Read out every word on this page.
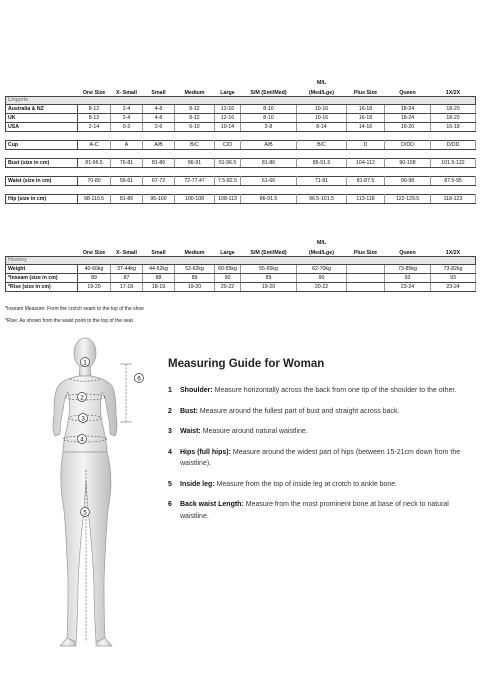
							M/L			
	One Size	X- Small	Small	Medium	Large	S/M (Sml/Med)	(Med/Lge)	Plus Size	Queen	1X/2X
Lingerie										
Australia & NZ	8-12	2-4	4-8	8-12	12-16	8-10	10-16	16-18	18-24	18-20
UK	8-12	2-4	4-8	8-12	12-16	8-10	10-16	16-18	18-24	18-20
USA	2-14	0-2	2-6	6-10	10-14	2-8	8-14	14-16	16-20	16-18

Cup	A-C	A	A/B	B/C	C/D	A/B	B/C	D	D/DD	D/DD

Bust (size in cm)	81-96.5	76-81	81-86	86-91	91-96.5	81-86	86-91.5	104-112	90-108	101.5-122

Waist (size in cm)	70-80	56-61	67-72	72-77.47	7.5-82.5	61-66	71-81	81-87.5	90-98	87.5-95

Hip (size in cm)	98-110.5	81-86	95-100	100-108	108-113	86-91.5	96.5-101.5	113-118	122-129.5	118-123
							M/L			
	One Size	X- Small	Small	Medium	Large	S/M (Sml/Med)	(Med/Lge)	Plus Size	Queen	1X/2X
Hosiery										
Weight	40-60kg	37-44kg	44-52kg	52-62kg	60-55kg	55-65kg	62-70kg		73-85kg	73-82kg
*Inseam (size in cm)	89	87	88	89	90	89	90		93	93
*Rise (size in cm)	19-20	17-18	18-19	19-20	20-22	19-20	20-22		23-24	23-24
*Inseam Measure: From the crotch seam to the top of the shoe
*Rise: As shown from the waist point to the top of the seat
1
2
3
4
5
6
Measuring Guide for Woman
1	Shoulder: Measure horizontally across the back from one tip of the shoulder to the other.
2	Bust: Measure around the fullest part of bust and straight across back.
3	Waist: Measure around natural waistline.
4	Hips (full hips): Measure around the widest part of hips (between 15-21cm down from the waistline).
5	Inside leg: Measure from the top of inside leg at crotch to ankle bone.
6	Back waist Length: Measure from the most prominent bone at base of neck to natural waistline.
